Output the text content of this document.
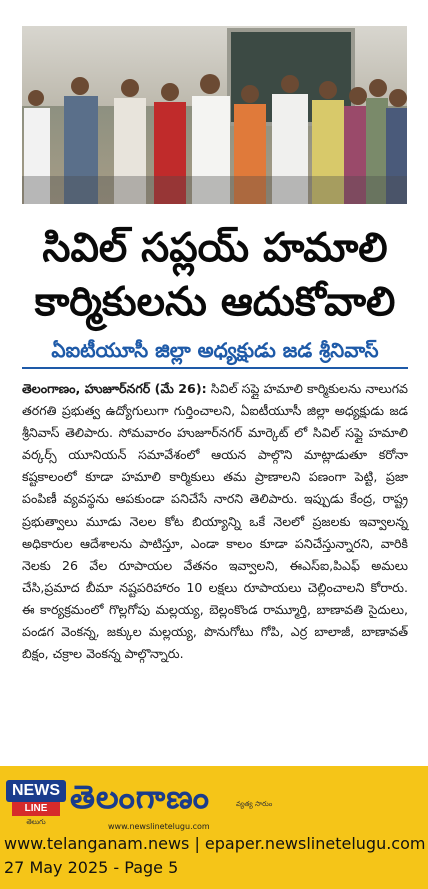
సివిల్ సప్లయ్ హమాలి
కార్మికులను ఆదుకోవాలి
ఏఐటీయూసీ జిల్లా అధ్యక్షుడు జడ శ్రీనివాస్
తెలంగాణం, హుజూర్‌నగర్ (మే 26): సివిల్ సప్లై హమాలి కార్మికులను నాలుగవ తరగతి ప్రభుత్వ ఉద్యోగులుగా గుర్తించాలని, ఏఐటీయూసీ జిల్లా అధ్యక్షుడు జడ శ్రీనివాస్ తెలిపారు. సోమవారం హుజూర్‌నగర్ మార్కెట్ లో సివిల్ సప్లై హమాలి వర్కర్స్ యూనియన్ సమావేశంలో ఆయన పాల్గొని మాట్లాడుతూ కరోనా కష్టకాలంలో కూడా హమాలి కార్మికులు తమ ప్రాణాలని పణంగా పెట్టి, ప్రజా పంపిణీ వ్యవస్థను ఆపకుండా పనిచేసే నారని తెలిపారు. ఇప్పుడు కేంద్ర, రాష్ట్ర ప్రభుత్వాలు మూడు నెలల కోట బియ్యాన్ని ఒకే నెలలో ప్రజలకు ఇవ్వాలన్న అధికారుల ఆదేశాలను పాటిస్తూ, ఎండా కాలం కూడా పనిచేస్తున్నారని, వారికి నెలకు 26 వేల రూపాయల వేతనం ఇవ్వాలని, ఈఎస్ఐ,పిఎఫ్ అమలు చేసి,ప్రమాద బీమా నష్టపరిహారం 10 లక్షలు రూపాయలు చెల్లించాలని కోరారు. ఈ కార్యక్రమంలో గొల్లగోపు మల్లయ్య, బెల్లంకొండ రామ్మూర్తి, బాణావతి సైదులు, పండగ వెంకన్న, జక్కుల మల్లయ్య, పొనుగోటు గోపి, ఎర్ర బాలాజీ, బాణావత్ బిక్షం, చక్రాల వెంకన్న పాల్గొన్నారు.
NEWS
LINE
తెలుగు
తెలంగాణం	వ్యత్య సారుం
www.newslinetelugu.com
www.telanganam.news | epaper.newslinetelugu.com
27 May 2025 - Page 5
